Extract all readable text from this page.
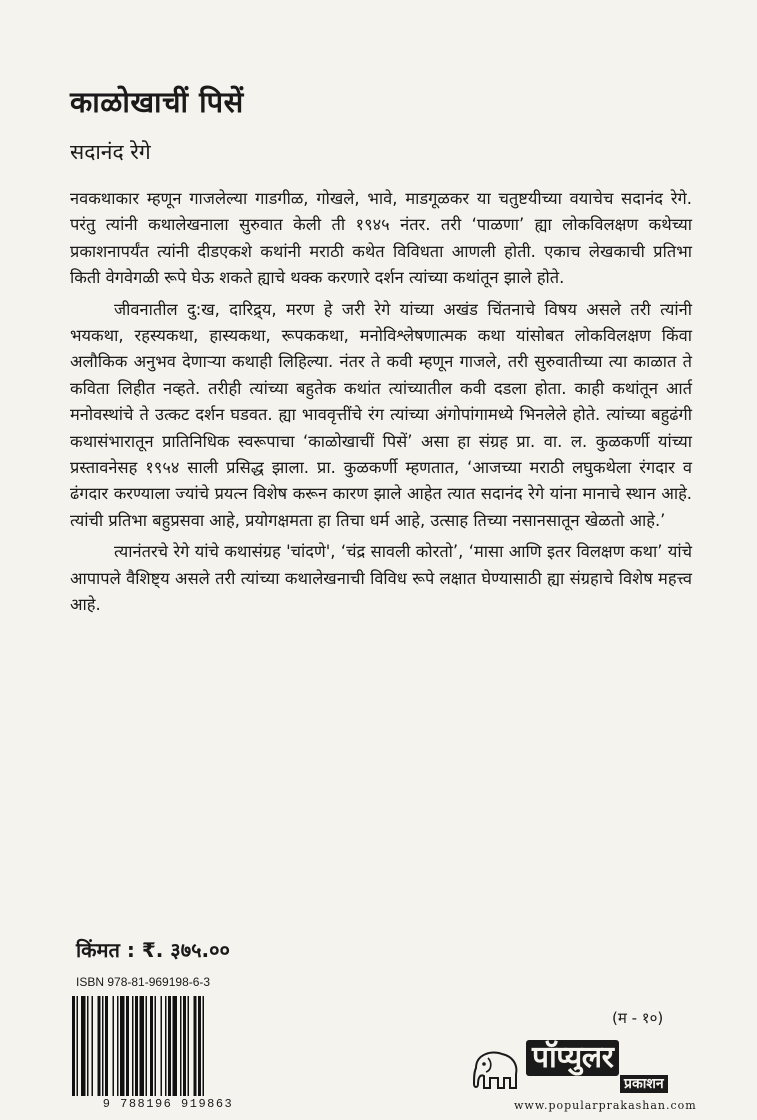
काळोखाचीं पिसें
सदानंद रेगे

नवकथाकार म्हणून गाजलेल्या गाडगीळ, गोखले, भावे, माडगूळकर या चतुष्टयीच्या वयाचेच सदानंद रेगे. परंतु त्यांनी कथालेखनाला सुरुवात केली ती १९४५ नंतर. तरी ‘पाळणा’ ह्या लोकविलक्षण कथेच्या प्रकाशनापर्यंत त्यांनी दीडएकशे कथांनी मराठी कथेत विविधता आणली होती. एकाच लेखकाची प्रतिभा किती वेगवेगळी रूपे घेऊ शकते ह्याचे थक्क करणारे दर्शन त्यांच्या कथांतून झाले होते.

जीवनातील दु:ख, दारिद्र्य, मरण हे जरी रेगे यांच्या अखंड चिंतनाचे विषय असले तरी त्यांनी भयकथा, रहस्यकथा, हास्यकथा, रूपककथा, मनोविश्लेषणात्मक कथा यांसोबत लोकविलक्षण किंवा अलौकिक अनुभव देणाऱ्या कथाही लिहिल्या. नंतर ते कवी म्हणून गाजले, तरी सुरुवातीच्या त्या काळात ते कविता लिहीत नव्हते. तरीही त्यांच्या बहुतेक कथांत त्यांच्यातील कवी दडला होता. काही कथांतून आर्त मनोवस्थांचे ते उत्कट दर्शन घडवत. ह्या भाववृत्तींचे रंग त्यांच्या अंगोपांगामध्ये भिनलेले होते. त्यांच्या बहुढंगी कथासंभारातून प्रातिनिधिक स्वरूपाचा ‘काळोखाचीं पिसें’ असा हा संग्रह प्रा. वा. ल. कुळकर्णी यांच्या प्रस्तावनेसह १९५४ साली प्रसिद्ध झाला. प्रा. कुळकर्णी म्हणतात, ‘आजच्या मराठी लघुकथेला रंगदार व ढंगदार करण्याला ज्यांचे प्रयत्न विशेष करून कारण झाले आहेत त्यात सदानंद रेगे यांना मानाचे स्थान आहे. त्यांची प्रतिभा बहुप्रसवा आहे, प्रयोगक्षमता हा तिचा धर्म आहे, उत्साह तिच्या नसानसातून खेळतो आहे.’

त्यानंतरचे रेगे यांचे कथासंग्रह 'चांदणे', ‘चंद्र सावली कोरतो’, ‘मासा आणि इतर विलक्षण कथा’ यांचे आपापले वैशिष्ट्य असले तरी त्यांच्या कथालेखनाची विविध रूपे लक्षात घेण्यासाठी ह्या संग्रहाचे विशेष महत्त्व आहे.

किंमत : ₹. ३७५.००
ISBN 978-81-969198-6-3
9 788196 919863
(म - १०)
पॉप्युलर
प्रकाशन
www.popularprakashan.com
